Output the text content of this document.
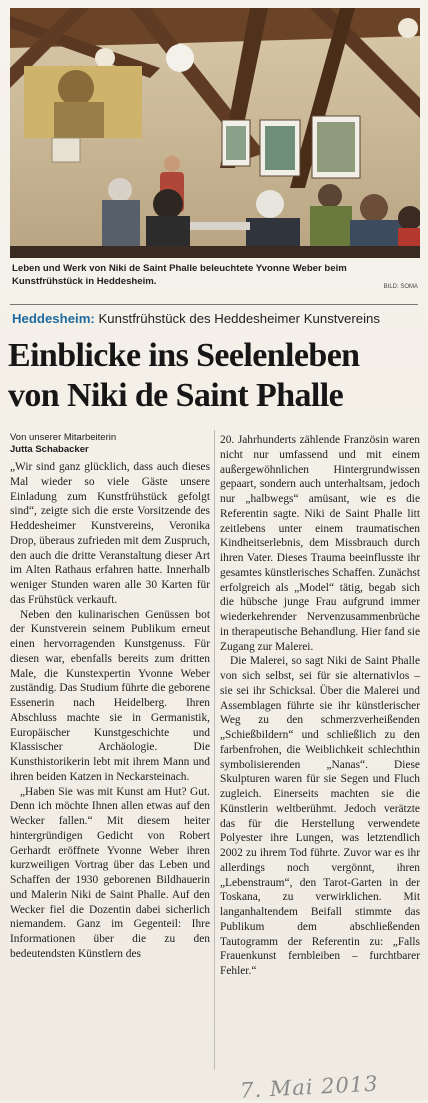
Leben und Werk von Niki de Saint Phalle beleuchtete Yvonne Weber beim Kunstfrühstück in Heddesheim.	BILD: SOMA
Heddesheim: Kunstfrühstück des Heddesheimer Kunstvereins
Einblicke ins Seelenleben von Niki de Saint Phalle
Von unserer Mitarbeiterin
Jutta Schabacker

„Wir sind ganz glücklich, dass auch dieses Mal wieder so viele Gäste unsere Einladung zum Kunstfrühstück gefolgt sind“, zeigte sich die erste Vorsitzende des Heddesheimer Kunstvereins, Veronika Drop, überaus zufrieden mit dem Zuspruch, den auch die dritte Veranstaltung dieser Art im Alten Rathaus erfahren hatte. Innerhalb weniger Stunden waren alle 30 Karten für das Frühstück verkauft.

Neben den kulinarischen Genüssen bot der Kunstverein seinem Publikum erneut einen hervorragenden Kunstgenuss. Für diesen war, ebenfalls bereits zum dritten Male, die Kunstexpertin Yvonne Weber zuständig. Das Studium führte die geborene Essenerin nach Heidelberg. Ihren Abschluss machte sie in Germanistik, Europäischer Kunstgeschichte und Klassischer Archäologie. Die Kunsthistorikerin lebt mit ihrem Mann und ihren beiden Katzen in Neckarsteinach.

„Haben Sie was mit Kunst am Hut? Gut. Denn ich möchte Ihnen allen etwas auf den Wecker fallen.“ Mit diesem heiter hintergründigen Gedicht von Robert Gerhardt eröffnete Yvonne Weber ihren kurzweiligen Vortrag über das Leben und Schaffen der 1930 geborenen Bildhauerin und Malerin Niki de Saint Phalle. Auf den Wecker fiel die Dozentin dabei sicherlich niemandem. Ganz im Gegenteil: Ihre Informationen über die zu den bedeutendsten Künstlern des

20. Jahrhunderts zählende Französin waren nicht nur umfassend und mit einem außergewöhnlichen Hintergrundwissen gepaart, sondern auch unterhaltsam, jedoch nur „halbwegs“ amüsant, wie es die Referentin sagte. Niki de Saint Phalle litt zeitlebens unter einem traumatischen Kindheitserlebnis, dem Missbrauch durch ihren Vater. Dieses Trauma beeinflusste ihr gesamtes künstlerisches Schaffen. Zunächst erfolgreich als „Model“ tätig, begab sich die hübsche junge Frau aufgrund immer wiederkehrender Nervenzusammenbrüche in therapeutische Behandlung. Hier fand sie Zugang zur Malerei.

Die Malerei, so sagt Niki de Saint Phalle von sich selbst, sei für sie alternativlos – sie sei ihr Schicksal. Über die Malerei und Assemblagen führte sie ihr künstlerischer Weg zu den schmerzverheißenden „Schießbildern“ und schließlich zu den farbenfrohen, die Weiblichkeit schlechthin symbolisierenden „Nanas“. Diese Skulpturen waren für sie Segen und Fluch zugleich. Einerseits machten sie die Künstlerin weltberühmt. Jedoch verätzte das für die Herstellung verwendete Polyester ihre Lungen, was letztendlich 2002 zu ihrem Tod führte. Zuvor war es ihr allerdings noch vergönnt, ihren „Lebenstraum“, den Tarot-Garten in der Toskana, zu verwirklichen. Mit langanhaltendem Beifall stimmte das Publikum dem abschließenden Tautogramm der Referentin zu: „Falls Frauenkunst fernbleiben – furchtbarer Fehler.“

7. Mai 2013
